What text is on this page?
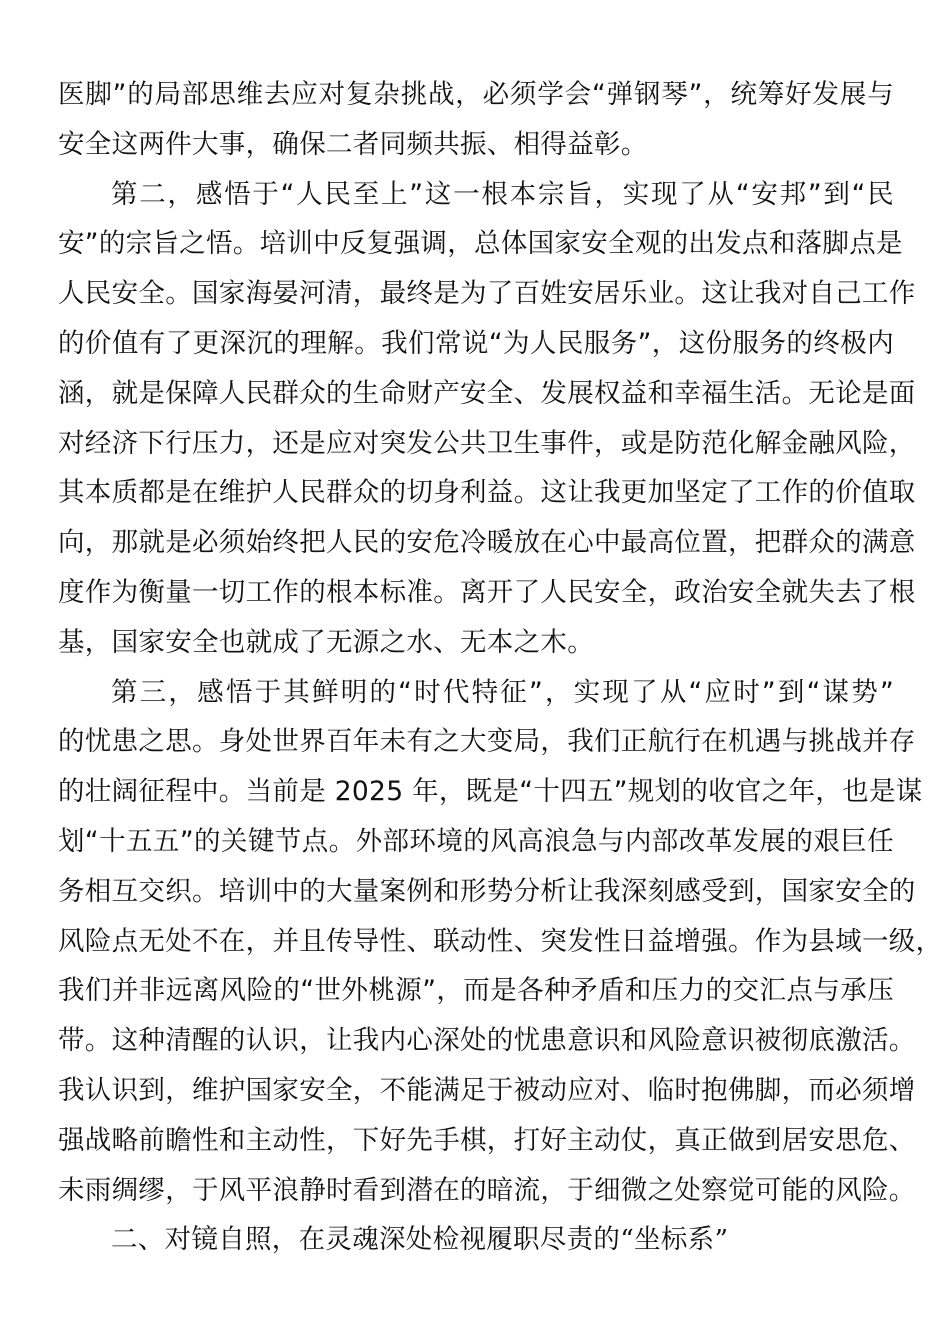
医脚”的局部思维去应对复杂挑战，必须学会“弹钢琴”，统筹好发展与
安全这两件大事，确保二者同频共振、相得益彰。
第二，感悟于“人民至上”这一根本宗旨，实现了从“安邦”到“民
安”的宗旨之悟。培训中反复强调，总体国家安全观的出发点和落脚点是
人民安全。国家海晏河清，最终是为了百姓安居乐业。这让我对自己工作
的价值有了更深沉的理解。我们常说“为人民服务”，这份服务的终极内
涵，就是保障人民群众的生命财产安全、发展权益和幸福生活。无论是面
对经济下行压力，还是应对突发公共卫生事件，或是防范化解金融风险，
其本质都是在维护人民群众的切身利益。这让我更加坚定了工作的价值取
向，那就是必须始终把人民的安危冷暖放在心中最高位置，把群众的满意
度作为衡量一切工作的根本标准。离开了人民安全，政治安全就失去了根
基，国家安全也就成了无源之水、无本之木。
第三，感悟于其鲜明的“时代特征”，实现了从“应时”到“谋势”
的忧患之思。身处世界百年未有之大变局，我们正航行在机遇与挑战并存
的壮阔征程中。当前是 2025 年，既是“十四五”规划的收官之年，也是谋
划“十五五”的关键节点。外部环境的风高浪急与内部改革发展的艰巨任
务相互交织。培训中的大量案例和形势分析让我深刻感受到，国家安全的
风险点无处不在，并且传导性、联动性、突发性日益增强。作为县域一级，
我们并非远离风险的“世外桃源”，而是各种矛盾和压力的交汇点与承压
带。这种清醒的认识，让我内心深处的忧患意识和风险意识被彻底激活。
我认识到，维护国家安全，不能满足于被动应对、临时抱佛脚，而必须增
强战略前瞻性和主动性，下好先手棋，打好主动仗，真正做到居安思危、
未雨绸缪，于风平浪静时看到潜在的暗流，于细微之处察觉可能的风险。
二、对镜自照，在灵魂深处检视履职尽责的“坐标系”
